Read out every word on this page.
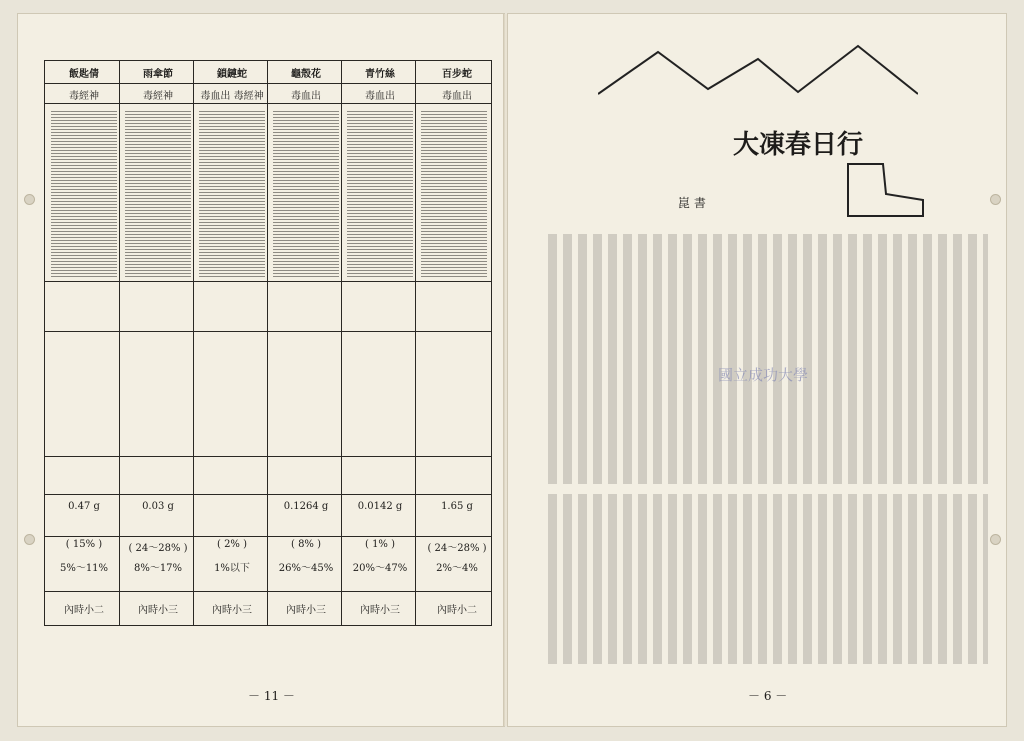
百步蛇
青竹絲
龜殼花
鎖鏈蛇
雨傘節
飯匙倩
毒血出
毒血出
毒血出
毒血出 毒經神
毒經神
毒經神
1.65 g
0.0142 g
0.1264 g
0.03 g
0.47 g
( 1% )
( 8% )
( 2% )
( 24～28% )
( 15% )
20%～47%
26%～45%
1%以下
8%～17%
5%～11%
( 24～28% )
2%～4%
內時小二
內時小三
內時小三
內時小三
內時小三
內時小二
－ 11 －
大凍春日行
崑 書
國立成功大學
－ 6 －
